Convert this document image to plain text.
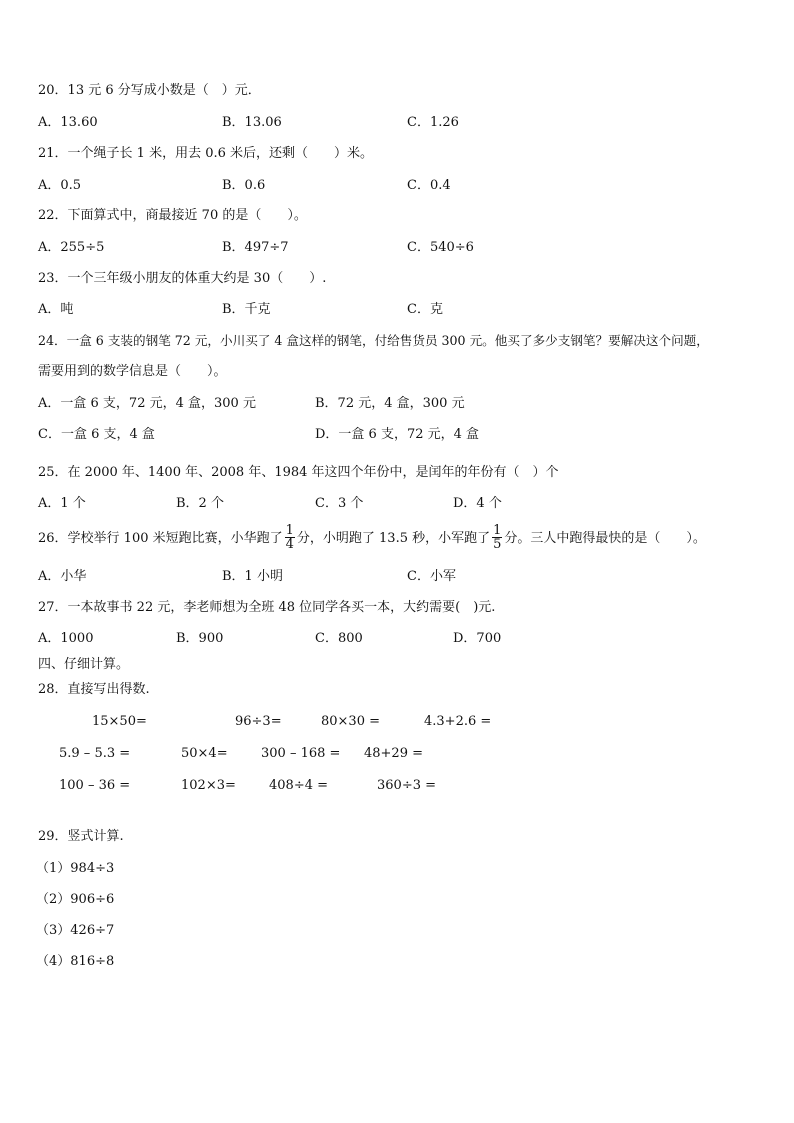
20．13 元 6 分写成小数是（　）元．
A．13.60	B．13.06	C．1.26
21．一个绳子长 1 米，用去 0.6 米后，还剩（　　）米。
A．0.5	B．0.6	C．0.4
22．下面算式中，商最接近 70 的是（　　）。
A．255÷5	B．497÷7	C．540÷6
23．一个三年级小朋友的体重大约是 30（　　）.
A．吨	B．千克	C．克
24．一盒 6 支装的钢笔 72 元，小川买了 4 盒这样的钢笔，付给售货员 300 元。他买了多少支钢笔？要解决这个问题，
需要用到的数学信息是（　　）。
A．一盒 6 支，72 元，4 盒，300 元	B．72 元，4 盒，300 元
C．一盒 6 支，4 盒	D．一盒 6 支，72 元，4 盒
25．在 2000 年、1400 年、2008 年、1984 年这四个年份中，是闰年的年份有（　）个
A．1 个	B．2 个	C．3 个	D．4 个
26．学校举行 100 米短跑比赛，小华跑了 $\frac{1}{4}$ 分，小明跑了 13.5 秒，小军跑了 $\frac{1}{5}$ 分。三人中跑得最快的是（　　）。
A．小华	B．1 小明	C．小军
27．一本故事书 22 元，李老师想为全班 48 位同学各买一本，大约需要(　)元.
A．1000	B．900	C．800	D．700
四、仔细计算。
28．直接写出得数.
15×50=	96÷3=	80×30 =	4.3+2.6 =
5.9 – 5.3 =	50×4=	300 – 168 = 48+29 =
100 – 36 =	102×3=	408÷4 =	360÷3 =
29．竖式计算.
（1）984÷3
（2）906÷6
（3）426÷7
（4）816÷8
